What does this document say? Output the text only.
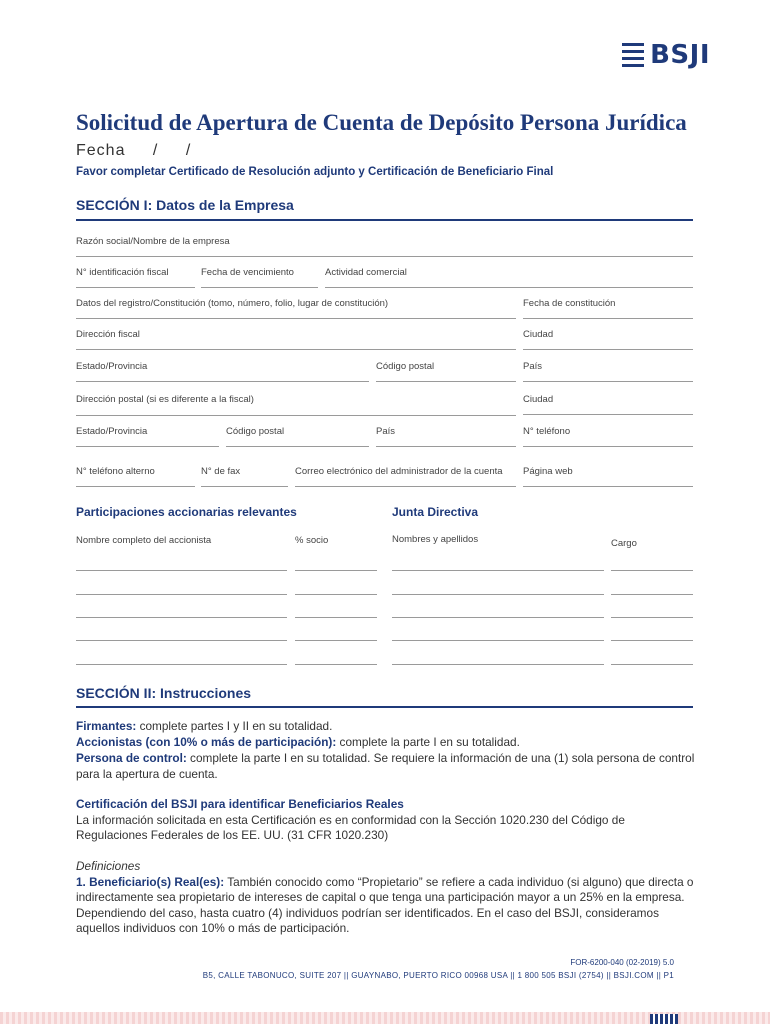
BSJI
Solicitud de Apertura de Cuenta de Depósito Persona Jurídica
Fecha / /
Favor completar Certificado de Resolución adjunto y Certificación de Beneficiario Final
SECCIÓN I: Datos de la Empresa
Razón social/Nombre de la empresa
N° identificación fiscal	Fecha de vencimiento	Actividad comercial
Datos del registro/Constitución (tomo, número, folio, lugar de constitución)	Fecha de constitución
Dirección fiscal	Ciudad
Estado/Provincia	Código postal	País
Dirección postal (si es diferente a la fiscal)	Ciudad
Estado/Provincia	Código postal	País	N° teléfono
N° teléfono alterno	N° de fax	Correo electrónico del administrador de la cuenta	Página web
Participaciones accionarias relevantes	Junta Directiva
Nombre completo del accionista	% socio	Nombres y apellidos	Cargo
SECCIÓN II: Instrucciones
Firmantes: complete partes I y II en su totalidad.
Accionistas (con 10% o más de participación): complete la parte I en su totalidad.
Persona de control: complete la parte I en su totalidad. Se requiere la información de una (1) sola persona de control para la apertura de cuenta.
Certificación del BSJI para identificar Beneficiarios Reales
La información solicitada en esta Certificación es en conformidad con la Sección 1020.230 del Código de Regulaciones Federales de los EE. UU. (31 CFR 1020.230)
Definiciones
1. Beneficiario(s) Real(es): También conocido como “Propietario” se refiere a cada individuo (si alguno) que directa o indirectamente sea propietario de intereses de capital o que tenga una participación mayor a un 25% en la empresa. Dependiendo del caso, hasta cuatro (4) individuos podrían ser identificados. En el caso del BSJI, consideramos aquellos individuos con 10% o más de participación.
FOR-6200-040 (02-2019) 5.0
B5, CALLE TABONUCO, SUITE 207 || GUAYNABO, PUERTO RICO 00968 USA || 1 800 505 BSJI (2754) || BSJI.COM || P1
